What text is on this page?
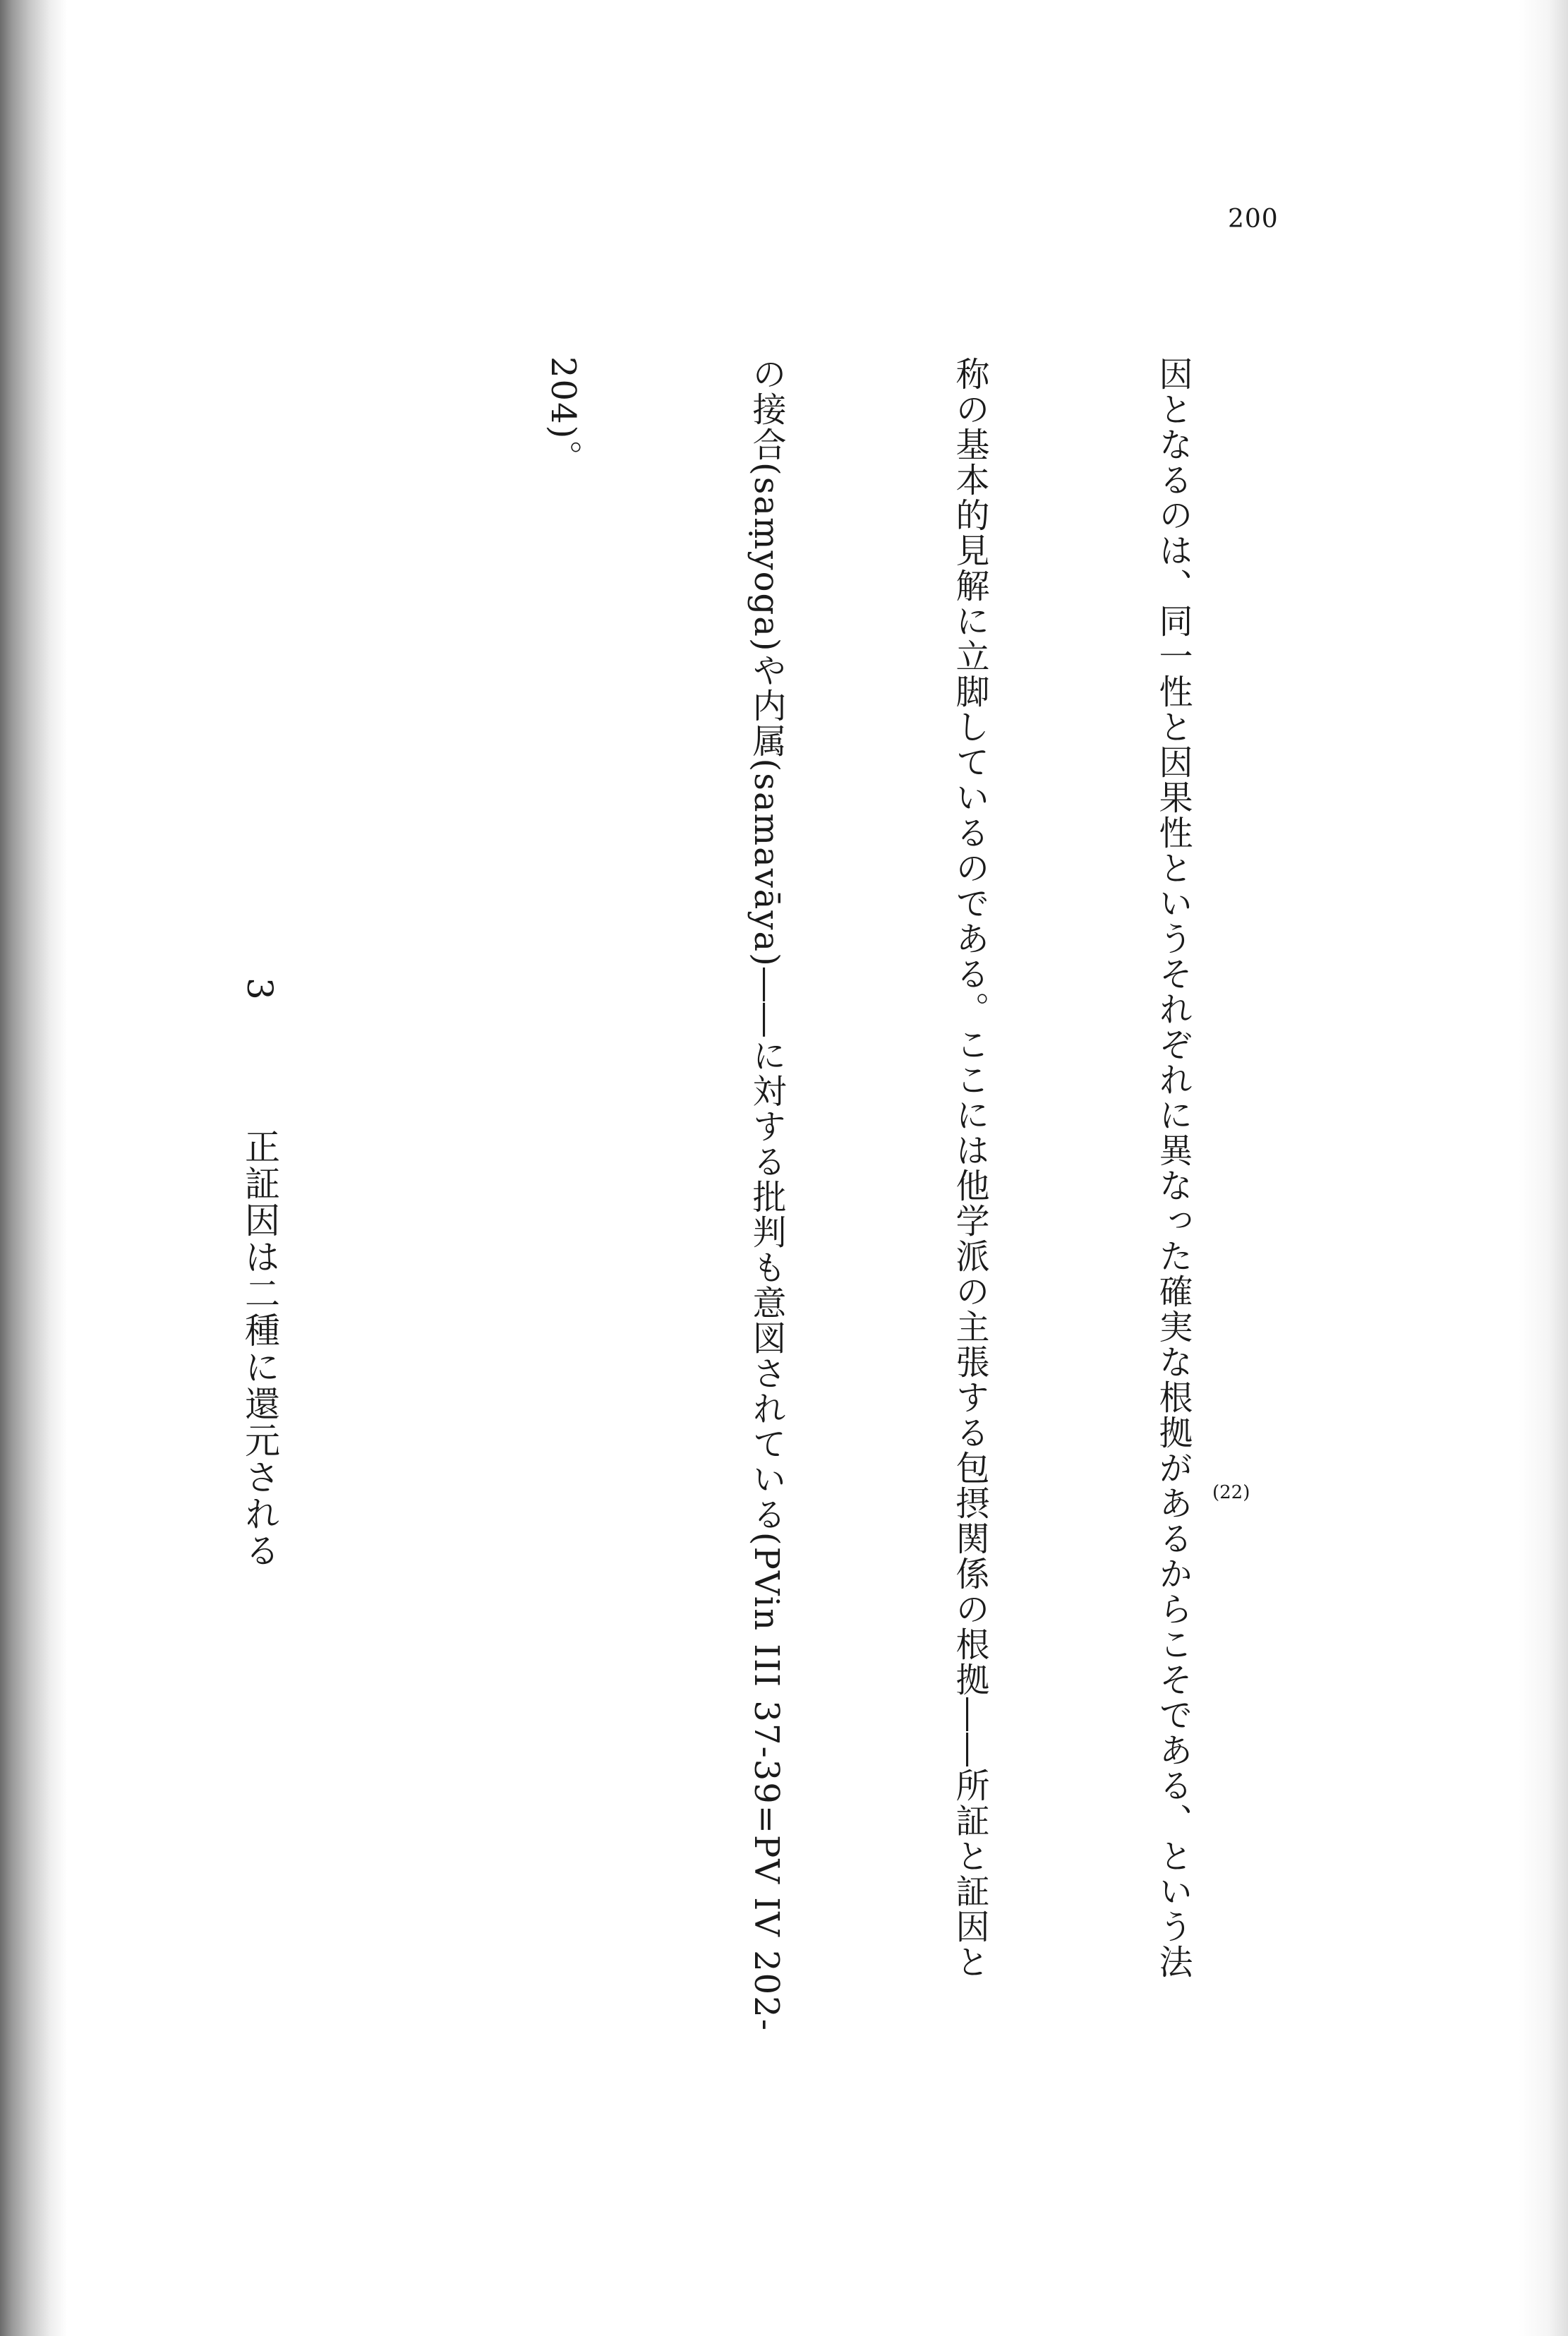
200

因となるのは、同一性と因果性というそれぞれに異なった確実な根拠があるからこそである、という法

称の基本的見解に立脚しているのである。ここには他学派の主張する包摂関係の根拠――所証と証因と

の接合(saṃyoga)や内属(samavāya)――に対する批判も意図されている(PVin III 37-39=PV IV 202-

204)。

3正証因は二種に還元される

	(22)
